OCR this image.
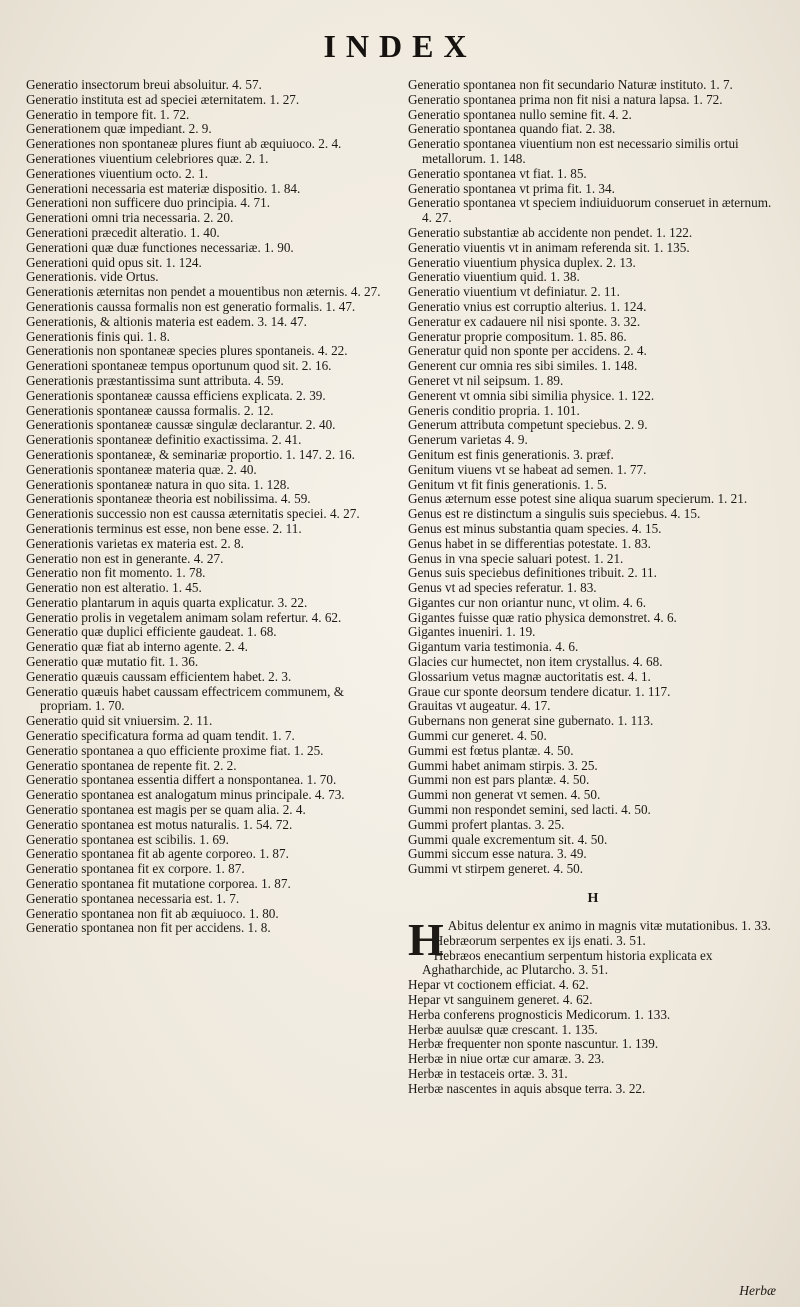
INDEX
Generatio insectorum breui absoluitur. 4. 57.
Generatio instituta est ad speciei æternitatem. 1. 27.
Generatio in tempore fit. 1. 72.
Generationem quæ impediant. 2. 9.
Generationes non spontaneæ plures fiunt ab æquiuoco. 2. 4.
Generationes viuentium celebriores quæ. 2. 1.
Generationes viuentium octo. 2. 1.
Generationi necessaria est materiæ dispositio. 1. 84.
Generationi non sufficere duo principia. 4. 71.
Generationi omni tria necessaria. 2. 20.
Generationi præcedit alteratio. 1. 40.
Generationi quæ duæ functiones necessariæ. 1. 90.
Generationi quid opus sit. 1. 124.
Generationis. vide Ortus.
Generationis æternitas non pendet a mouentibus non æternis. 4. 27.
Generationis caussa formalis non est generatio formalis. 1. 47.
Generationis, & altionis materia est eadem. 3. 14. 47.
Generationis finis qui. 1. 8.
Generationis non spontaneæ species plures spontaneis. 4. 22.
Generationi spontaneæ tempus oportunum quod sit. 2. 16.
Generationis præstantissima sunt attributa. 4. 59.
Generationis spontaneæ caussa efficiens explicata. 2. 39.
Generationis spontaneæ caussa formalis. 2. 12.
Generationis spontaneæ caussæ singulæ declarantur. 2. 40.
Generationis spontaneæ definitio exactissima. 2. 41.
Generationis spontaneæ, & seminariæ proportio. 1. 147. 2. 16.
Generationis spontaneæ materia quæ. 2. 40.
Generationis spontaneæ natura in quo sita. 1. 128.
Generationis spontaneæ theoria est nobilissima. 4. 59.
Generationis successio non est caussa æternitatis speciei. 4. 27.
Generationis terminus est esse, non bene esse. 2. 11.
Generationis varietas ex materia est. 2. 8.
Generatio non est in generante. 4. 27.
Generatio non fit momento. 1. 78.
Generatio non est alteratio. 1. 45.
Generatio plantarum in aquis quarta explicatur. 3. 22.
Generatio prolis in vegetalem animam solam refertur. 4. 62.
Generatio quæ duplici efficiente gaudeat. 1. 68.
Generatio quæ fiat ab interno agente. 2. 4.
Generatio quæ mutatio fit. 1. 36.
Generatio quæuis caussam efficientem habet. 2. 3.
Generatio quæuis habet caussam effectricem communem, & propriam. 1. 70.
Generatio quid sit vniuersim. 2. 11.
Generatio specificatura forma ad quam tendit. 1. 7.
Generatio spontanea a quo efficiente proxime fiat. 1. 25.
Generatio spontanea de repente fit. 2. 2.
Generatio spontanea essentia differt a nonspontanea. 1. 70.
Generatio spontanea est analogatum minus principale. 4. 73.
Generatio spontanea est magis per se quam alia. 2. 4.
Generatio spontanea est motus naturalis. 1. 54. 72.
Generatio spontanea est scibilis. 1. 69.
Generatio spontanea fit ab agente corporeo. 1. 87.
Generatio spontanea fit ex corpore. 1. 87.
Generatio spontanea fit mutatione corporea. 1. 87.
Generatio spontanea necessaria est. 1. 7.
Generatio spontanea non fit ab æquiuoco. 1. 80.
Generatio spontanea non fit per accidens. 1. 8.
Generatio spontanea non fit secundario Naturæ instituto. 1. 7.
Generatio spontanea prima non fit nisi a natura lapsa. 1. 72.
Generatio spontanea nullo semine fit. 4. 2.
Generatio spontanea quando fiat. 2. 38.
Generatio spontanea viuentium non est necessario similis ortui metallorum. 1. 148.
Generatio spontanea vt fiat. 1. 85.
Generatio spontanea vt prima fit. 1. 34.
Generatio spontanea vt speciem indiuiduorum conseruet in æternum. 4. 27.
Generatio substantiæ ab accidente non pendet. 1. 122.
Generatio viuentis vt in animam referenda sit. 1. 135.
Generatio viuentium physica duplex. 2. 13.
Generatio viuentium quid. 1. 38.
Generatio viuentium vt definiatur. 2. 11.
Generatio vnius est corruptio alterius. 1. 124.
Generatur ex cadauere nil nisi sponte. 3. 32.
Generatur proprie compositum. 1. 85. 86.
Generatur quid non sponte per accidens. 2. 4.
Generent cur omnia res sibi similes. 1. 148.
Generet vt nil seipsum. 1. 89.
Generent vt omnia sibi similia physice. 1. 122.
Generis conditio propria. 1. 101.
Generum attributa competunt speciebus. 2. 9.
Generum varietas 4. 9.
Genitum est finis generationis. 3. præf.
Genitum viuens vt se habeat ad semen. 1. 77.
Genitum vt fit finis generationis. 1. 5.
Genus æternum esse potest sine aliqua suarum specierum. 1. 21.
Genus est re distinctum a singulis suis speciebus. 4. 15.
Genus est minus substantia quam species. 4. 15.
Genus habet in se differentias potestate. 1. 83.
Genus in vna specie saluari potest. 1. 21.
Genus suis speciebus definitiones tribuit. 2. 11.
Genus vt ad species referatur. 1. 83.
Gigantes cur non oriantur nunc, vt olim. 4. 6.
Gigantes fuisse quæ ratio physica demonstret. 4. 6.
Gigantes inueniri. 1. 19.
Gigantum varia testimonia. 4. 6.
Glacies cur humectet, non item crystallus. 4. 68.
Glossarium vetus magnæ auctoritatis est. 4. 1.
Graue cur sponte deorsum tendere dicatur. 1. 117.
Grauitas vt augeatur. 4. 17.
Gubernans non generat sine gubernato. 1. 113.
Gummi cur generet. 4. 50.
Gummi est fœtus plantæ. 4. 50.
Gummi habet animam stirpis. 3. 25.
Gummi non est pars plantæ. 4. 50.
Gummi non generat vt semen. 4. 50.
Gummi non respondet semini, sed lacti. 4. 50.
Gummi profert plantas. 3. 25.
Gummi quale excrementum sit. 4. 50.
Gummi siccum esse natura. 3. 49.
Gummi vt stirpem generet. 4. 50.
H
H Abitus delentur ex animo in magnis vitæ mutationibus. 1. 33.
Hebræorum serpentes ex ijs enati. 3. 51.
Hebræos enecantium serpentum historia explicata ex Aghatharchide, ac Plutarcho. 3. 51.
Hepar vt coctionem efficiat. 4. 62.
Hepar vt sanguinem generet. 4. 62.
Herba conferens prognosticis Medicorum. 1. 133.
Herbæ auulsæ quæ crescant. 1. 135.
Herbæ frequenter non sponte nascuntur. 1. 139.
Herbæ in niue ortæ cur amaræ. 3. 23.
Herbæ in testaceis ortæ. 3. 31.
Herbæ nascentes in aquis absque terra. 3. 22.
Herbæ
